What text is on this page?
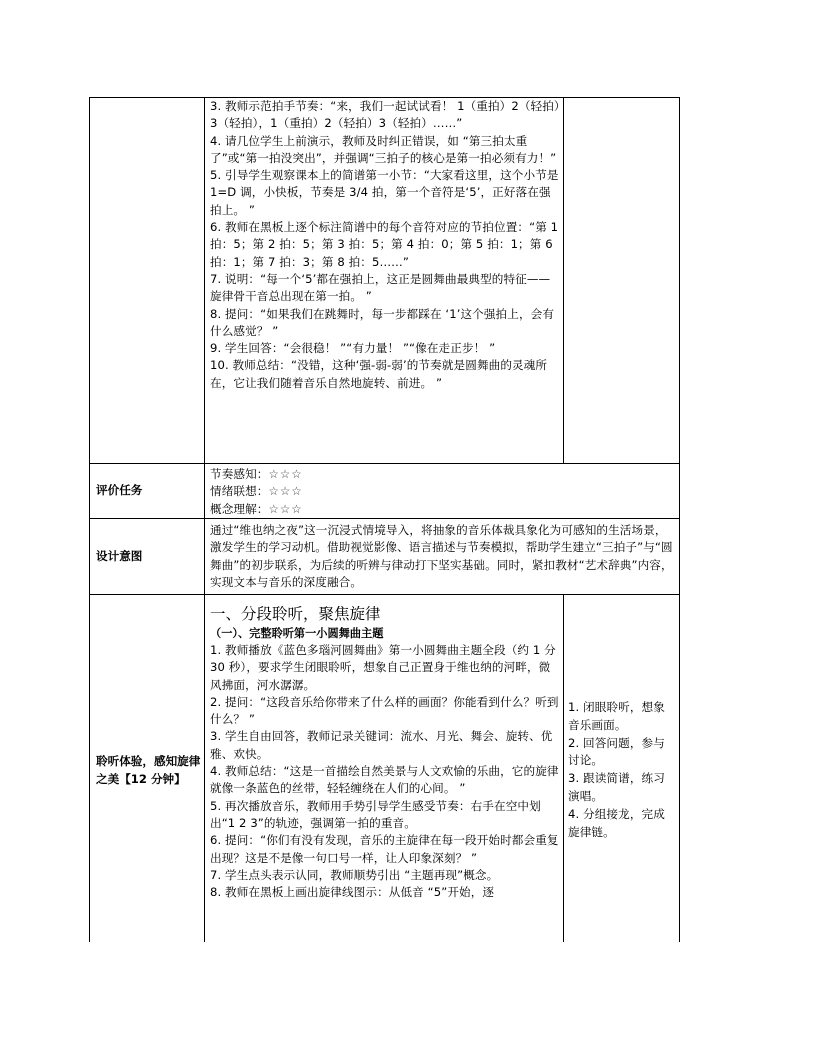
3. 教师示范拍手节奏：“来，我们一起试试看！ 1（重拍）2（轻拍）3（轻拍），1（重拍）2（轻拍）3（轻拍）……”

4. 请几位学生上前演示，教师及时纠正错误，如 “第三拍太重了”或“第一拍没突出”，并强调“三拍子的核心是第一拍必须有力！”

5. 引导学生观察课本上的简谱第一小节：“大家看这里，这个小节是 1=D 调，小快板，节奏是 3/4 拍，第一个音符是‘5’，正好落在强拍上。 ”

6. 教师在黑板上逐个标注简谱中的每个音符对应的节拍位置：“第 1 拍：5；第 2 拍：5；第 3 拍：5；第 4 拍：0；第 5 拍：1；第 6 拍：1；第 7 拍：3；第 8 拍：5……”

7. 说明：“每一个‘5’都在强拍上，这正是圆舞曲最典型的特征——旋律骨干音总出现在第一拍。 ”

8. 提问：“如果我们在跳舞时，每一步都踩在 ‘1’这个强拍上，会有什么感觉？ ”

9. 学生回答：“会很稳！ ”“有力量！ ”“像在走正步！ ”

10. 教师总结：“没错，这种‘强-弱-弱’的节奏就是圆舞曲的灵魂所在，它让我们随着音乐自然地旋转、前进。 ”

评价任务

节奏感知：☆☆☆

情绪联想：☆☆☆

概念理解：☆☆☆

设计意图

通过“维也纳之夜”这一沉浸式情境导入，将抽象的音乐体裁具象化为可感知的生活场景，激发学生的学习动机。借助视觉影像、语言描述与节奏模拟，帮助学生建立“三拍子”与“圆舞曲”的初步联系，为后续的听辨与律动打下坚实基础。同时，紧扣教材“艺术辞典”内容，实现文本与音乐的深度融合。

聆听体验，感知旋律之美【12 分钟】

一、分段聆听，聚焦旋律

（一）、完整聆听第一小圆舞曲主题

1. 教师播放《蓝色多瑙河圆舞曲》第一小圆舞曲主题全段（约 1 分 30 秒），要求学生闭眼聆听，想象自己正置身于维也纳的河畔，微风拂面，河水潺潺。

2. 提问：“这段音乐给你带来了什么样的画面？你能看到什么？听到什么？ ”

3. 学生自由回答，教师记录关键词：流水、月光、舞会、旋转、优雅、欢快。

4. 教师总结：“这是一首描绘自然美景与人文欢愉的乐曲，它的旋律就像一条蓝色的丝带，轻轻缠绕在人们的心间。 ”

5. 再次播放音乐，教师用手势引导学生感受节奏：右手在空中划出“1 2 3”的轨迹，强调第一拍的重音。

6. 提问：“你们有没有发现，音乐的主旋律在每一段开始时都会重复出现？这是不是像一句口号一样，让人印象深刻？ ”

7. 学生点头表示认同，教师顺势引出 “主题再现”概念。

8. 教师在黑板上画出旋律线图示：从低音 “5”开始，逐

1. 闭眼聆听，想象音乐画面。

2. 回答问题，参与讨论。

3. 跟读简谱，练习演唱。

4. 分组接龙，完成旋律链。
